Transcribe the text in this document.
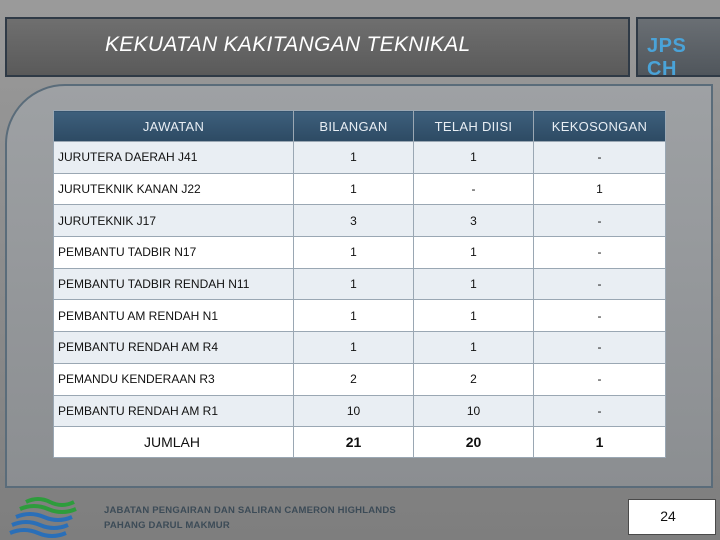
KEKUATAN KAKITANGAN TEKNIKAL	JPS CH
JAWATAN	BILANGAN	TELAH DIISI	KEKOSONGAN
JURUTERA DAERAH J41	1	1	-
JURUTEKNIK KANAN J22	1	-	1
JURUTEKNIK J17	3	3	-
PEMBANTU TADBIR N17	1	1	-
PEMBANTU TADBIR RENDAH N11	1	1	-
PEMBANTU AM RENDAH N1	1	1	-
PEMBANTU RENDAH AM R4	1	1	-
PEMANDU KENDERAAN R3	2	2	-
PEMBANTU RENDAH AM R1	10	10	-
JUMLAH	21	20	1
JABATAN PENGAIRAN DAN SALIRAN CAMERON HIGHLANDS
PAHANG DARUL MAKMUR
24
